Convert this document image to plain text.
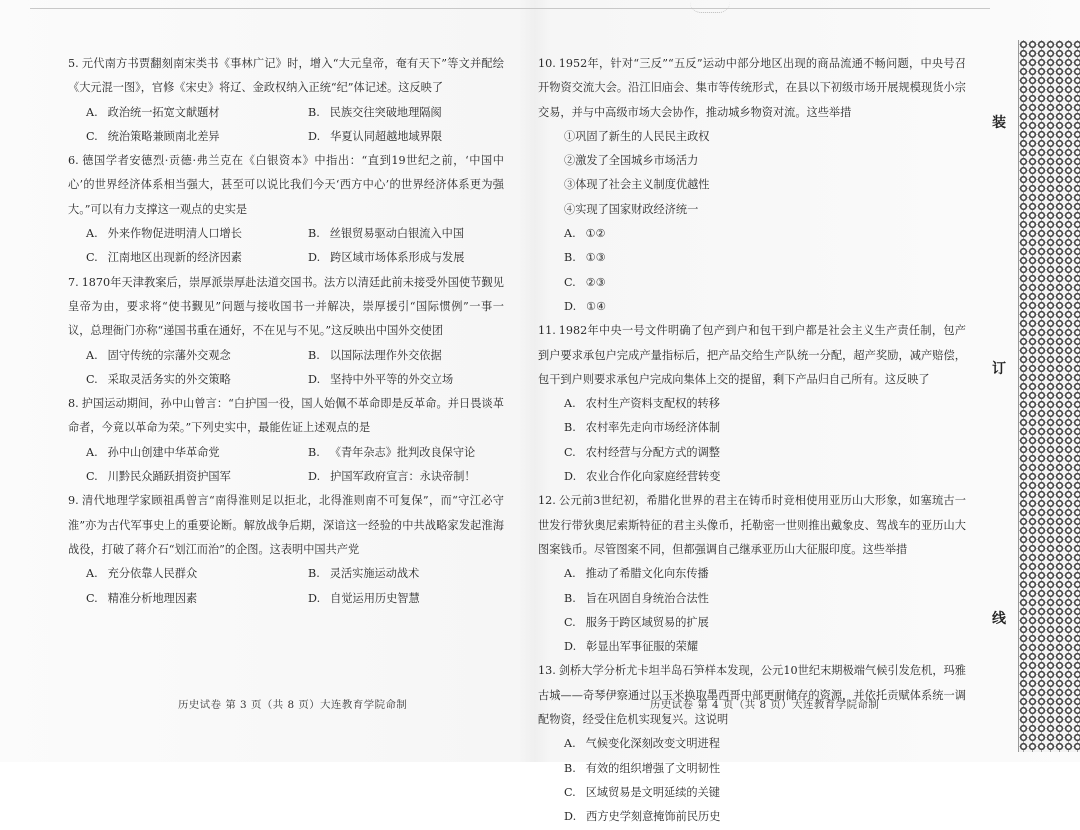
5. 元代南方书贾翻刻南宋类书《事林广记》时，增入“大元皇帝，奄有天下”等文并配绘《大元混一图》，官修《宋史》将辽、金政权纳入正统“纪”体记述。这反映了

A. 政治统一拓宽文献题材	B. 民族交往突破地理隔阂
C. 统治策略兼顾南北差异	D. 华夏认同超越地域界限

6. 德国学者安德烈·贡德·弗兰克在《白银资本》中指出：“直到19世纪之前，‘中国中心’的世界经济体系相当强大，甚至可以说比我们今天‘西方中心’的世界经济体系更为强大。”可以有力支撑这一观点的史实是

A. 外来作物促进明清人口增长	B. 丝银贸易驱动白银流入中国
C. 江南地区出现新的经济因素	D. 跨区域市场体系形成与发展

7. 1870年天津教案后，崇厚派崇厚赴法道交国书。法方以清廷此前未接受外国使节觐见皇帝为由，要求将“使书觐见”问题与接收国书一并解决，崇厚援引“国际惯例”一事一议，总理衙门亦称“递国书重在通好，不在见与不见。”这反映出中国外交使团

A. 固守传统的宗藩外交观念	B. 以国际法理作外交依据
C. 采取灵活务实的外交策略	D. 坚持中外平等的外交立场

8. 护国运动期间，孙中山曾言：“白护国一役，国人始佩不革命即是反革命。并日畏谈革命者，今竟以革命为荣。”下列史实中，最能佐证上述观点的是

A. 孙中山创建中华革命党	B. 《青年杂志》批判改良保守论
C. 川黔民众踊跃捐资护国军	D. 护国军政府宣言：永诀帝制！

9. 清代地理学家顾祖禹曾言“南得淮则足以拒北，北得淮则南不可复保”，而“守江必守淮”亦为古代军事史上的重要论断。解放战争后期，深谙这一经验的中共战略家发起淮海战役，打破了蒋介石“划江而治”的企图。这表明中国共产党

A. 充分依靠人民群众	B. 灵活实施运动战术
C. 精准分析地理因素	D. 自觉运用历史智慧
历史试卷 第 3 页（共 8 页）大连教育学院命制

10. 1952年，针对“三反”“五反”运动中部分地区出现的商品流通不畅问题，中央号召开物资交流大会。沿江旧庙会、集市等传统形式，在县以下初级市场开展规模现货小宗交易，并与中高级市场大会协作，推动城乡物资对流。这些举措

①巩固了新生的人民民主政权
②激发了全国城乡市场活力
③体现了社会主义制度优越性
④实现了国家财政经济统一
A. ①②
B. ①③
C. ②③
D. ①④

11. 1982年中央一号文件明确了包产到户和包干到户都是社会主义生产责任制，包产到户要求承包户完成产量指标后，把产品交给生产队统一分配，超产奖励，减产赔偿，包干到户则要求承包户完成向集体上交的提留，剩下产品归自己所有。这反映了

A. 农村生产资料支配权的转移
B. 农村率先走向市场经济体制
C. 农村经营与分配方式的调整
D. 农业合作化向家庭经营转变

12. 公元前3世纪初，希腊化世界的君主在铸币时竞相使用亚历山大形象，如塞琉古一世发行带狄奥尼索斯特征的君主头像币，托勒密一世则推出戴象皮、驾战车的亚历山大图案钱币。尽管图案不同，但都强调自己继承亚历山大征服印度。这些举措

A. 推动了希腊文化向东传播
B. 旨在巩固自身统治合法性
C. 服务于跨区域贸易的扩展
D. 彰显出军事征服的荣耀

13. 剑桥大学分析尤卡坦半岛石笋样本发现，公元10世纪末期极端气候引发危机，玛雅古城——奇琴伊察通过以玉米换取墨西哥中部更耐储存的资源，并依托贡赋体系统一调配物资，经受住危机实现复兴。这说明

A. 气候变化深刻改变文明进程
B. 有效的组织增强了文明韧性
C. 区域贸易是文明延续的关键
D. 西方史学刻意掩饰前民历史
历史试卷 第 4 页（共 8 页）大连教育学院命制
装
订
线
